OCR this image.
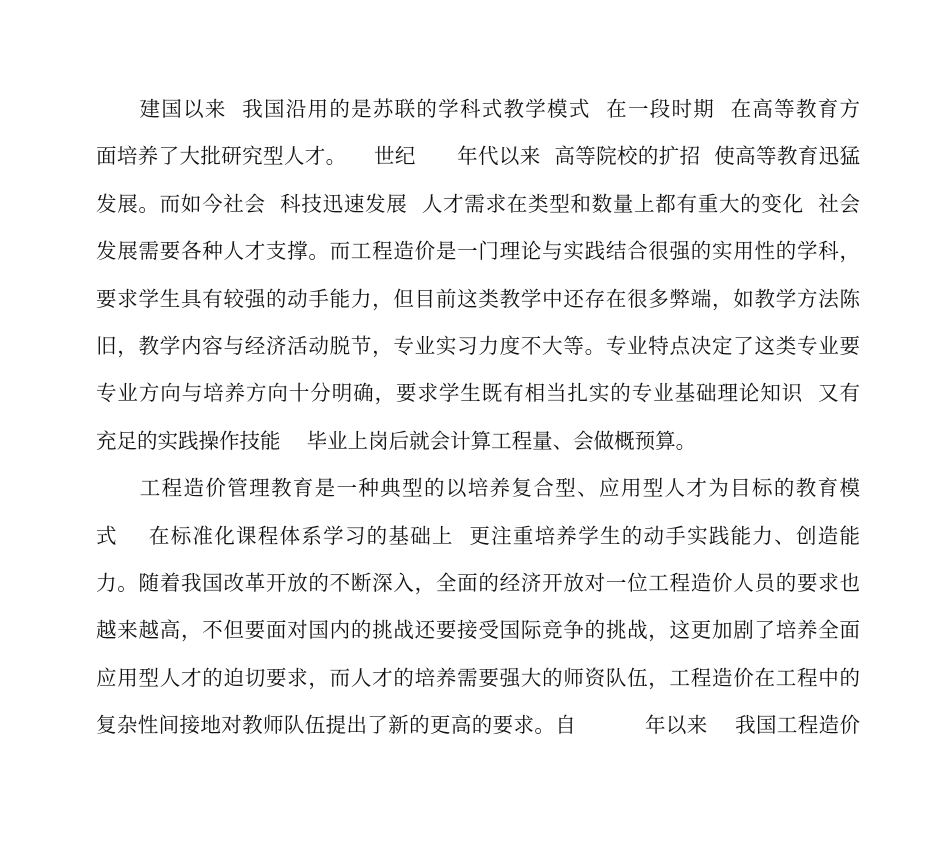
　　建国以来  我国沿用的是苏联的学科式教学模式  在一段时期  在高等教育方
面培养了大批研究型人才。    世纪      年代以来  高等院校的扩招  使高等教育迅猛
发展。而如今社会  科技迅速发展  人才需求在类型和数量上都有重大的变化  社会
发展需要各种人才支撑。而工程造价是一门理论与实践结合很强的实用性的学科，
要求学生具有较强的动手能力，但目前这类教学中还存在很多弊端，如教学方法陈
旧，教学内容与经济活动脱节，专业实习力度不大等。专业特点决定了这类专业要
专业方向与培养方向十分明确，要求学生既有相当扎实的专业基础理论知识  又有
充足的实践操作技能    毕业上岗后就会计算工程量、会做概预算。
　　工程造价管理教育是一种典型的以培养复合型、应用型人才为目标的教育模
式    在标准化课程体系学习的基础上  更注重培养学生的动手实践能力、创造能
力。随着我国改革开放的不断深入，全面的经济开放对一位工程造价人员的要求也
越来越高，不但要面对国内的挑战还要接受国际竞争的挑战，这更加剧了培养全面
应用型人才的迫切要求，而人才的培养需要强大的师资队伍，工程造价在工程中的
复杂性间接地对教师队伍提出了新的更高的要求。自          年以来    我国工程造价
